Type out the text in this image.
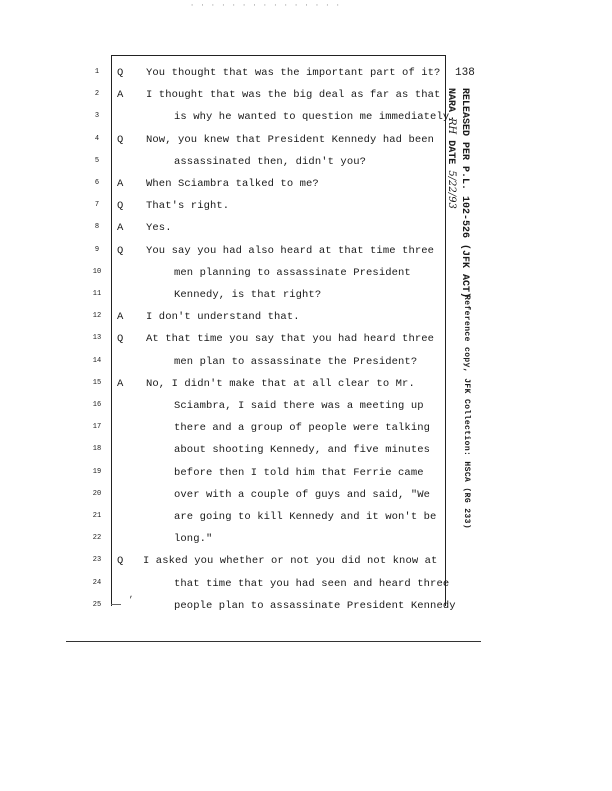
· · · · · · · · · · · · · · ·
138
RELEASED PER P.L. 102-526 (JFK ACT)
NARA RH DATE 5/22/93
Reference copy, JFK Collection: HSCA (RG 233)
1	Q You thought that was the important part of it?
2	A I thought that was the big deal as far as that
3	is why he wanted to question me immediately.
4	Q Now, you knew that President Kennedy had been
5	assassinated then, didn't you?
6	A When Sciambra talked to me?
7	Q That's right.
8	A Yes.
9	Q You say you had also heard at that time three
10	men planning to assassinate President
11	Kennedy, is that right?
12	A I don't understand that.
13	Q At that time you say that you had heard three
14	men plan to assassinate the President?
15	A No, I didn't make that at all clear to Mr.
16	Sciambra, I said there was a meeting up
17	there and a group of people were talking
18	about shooting Kennedy, and five minutes
19	before then I told him that Ferrie came
20	over with a couple of guys and said, "We
21	are going to kill Kennedy and it won't be
22	long."
23	Q I asked you whether or not you did not know at
24	that time that you had seen and heard three
25	people plan to assassinate President Kennedy
,
